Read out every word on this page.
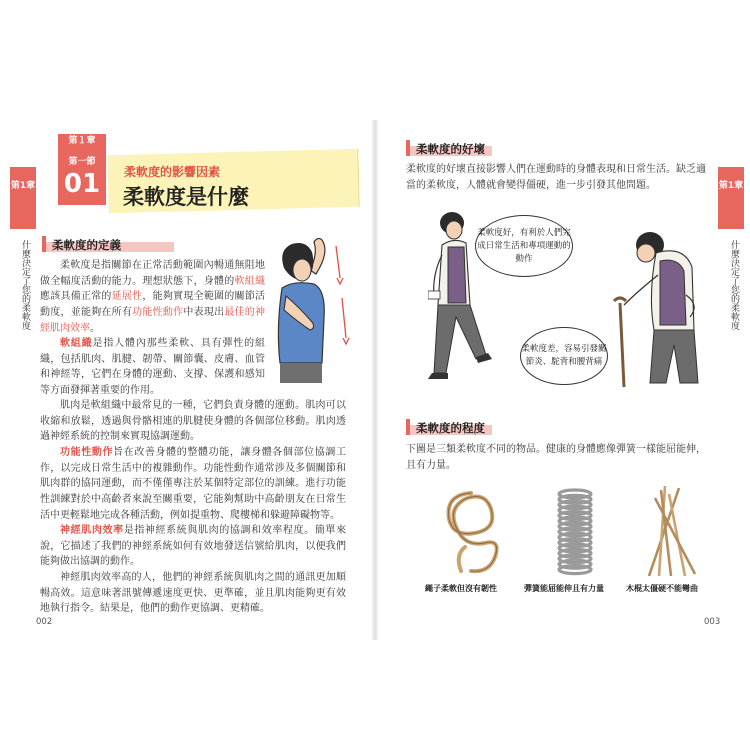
第1章
什麼決定了您的柔軟度
第１章
第一節
01	柔軟度的影響因素
柔軟度是什麼
柔軟度的定義

柔軟度是指關節在正常活動範圍內暢通無阻地做全幅度活動的能力。理想狀態下，身體的軟組織應該具備正常的延展性，能夠實現全範圍的關節活動度，並能夠在所有功能性動作中表現出最佳的神經肌肉效率。

軟組織是指人體內那些柔軟、具有彈性的組織，包括肌肉、肌腱、韌帶、關節囊、皮膚、血管和神經等，它們在身體的運動、支撐、保護和感知等方面發揮著重要的作用。

肌肉是軟組織中最常見的一種，它們負責身體的運動。肌肉可以收縮和放鬆，透過與骨骼相連的肌腱使身體的各個部位移動。肌肉透過神經系統的控制來實現協調運動。

功能性動作旨在改善身體的整體功能，讓身體各個部位協調工作，以完成日常生活中的複雜動作。功能性動作通常涉及多個關節和肌肉群的協同運動，而不僅僅專注於某個特定部位的訓練。進行功能性訓練對於中高齡者來說至關重要，它能夠幫助中高齡朋友在日常生活中更輕鬆地完成各種活動，例如提重物、爬樓梯和躲避障礙物等。

神經肌肉效率是指神經系統與肌肉的協調和效率程度。簡單來說，它描述了我們的神經系統如何有效地發送信號給肌肉，以便我們能夠做出協調的動作。

神經肌肉效率高的人，他們的神經系統與肌肉之間的通訊更加順暢高效。這意味著訊號傳遞速度更快、更準確，並且肌肉能夠更有效地執行指令。結果是，他們的動作更協調、更精確。

002
第1章
什麼決定了您的柔軟度
柔軟度的好壞
柔軟度的好壞直接影響人們在運動時的身體表現和日常生活。缺乏適當的柔軟度，人體就會變得僵硬，進一步引發其他問題。
柔軟度好，有利於人們完成日常生活和專項運動的動作
柔軟度差，容易引發關節炎、駝背和腰背痛
柔軟度的程度
下圖是三類柔軟度不同的物品。健康的身體應像彈簧一樣能屈能伸，且有力量。
繩子柔軟但沒有韌性	彈簧能屈能伸且有力量	木棍太僵硬不能彎曲
003
